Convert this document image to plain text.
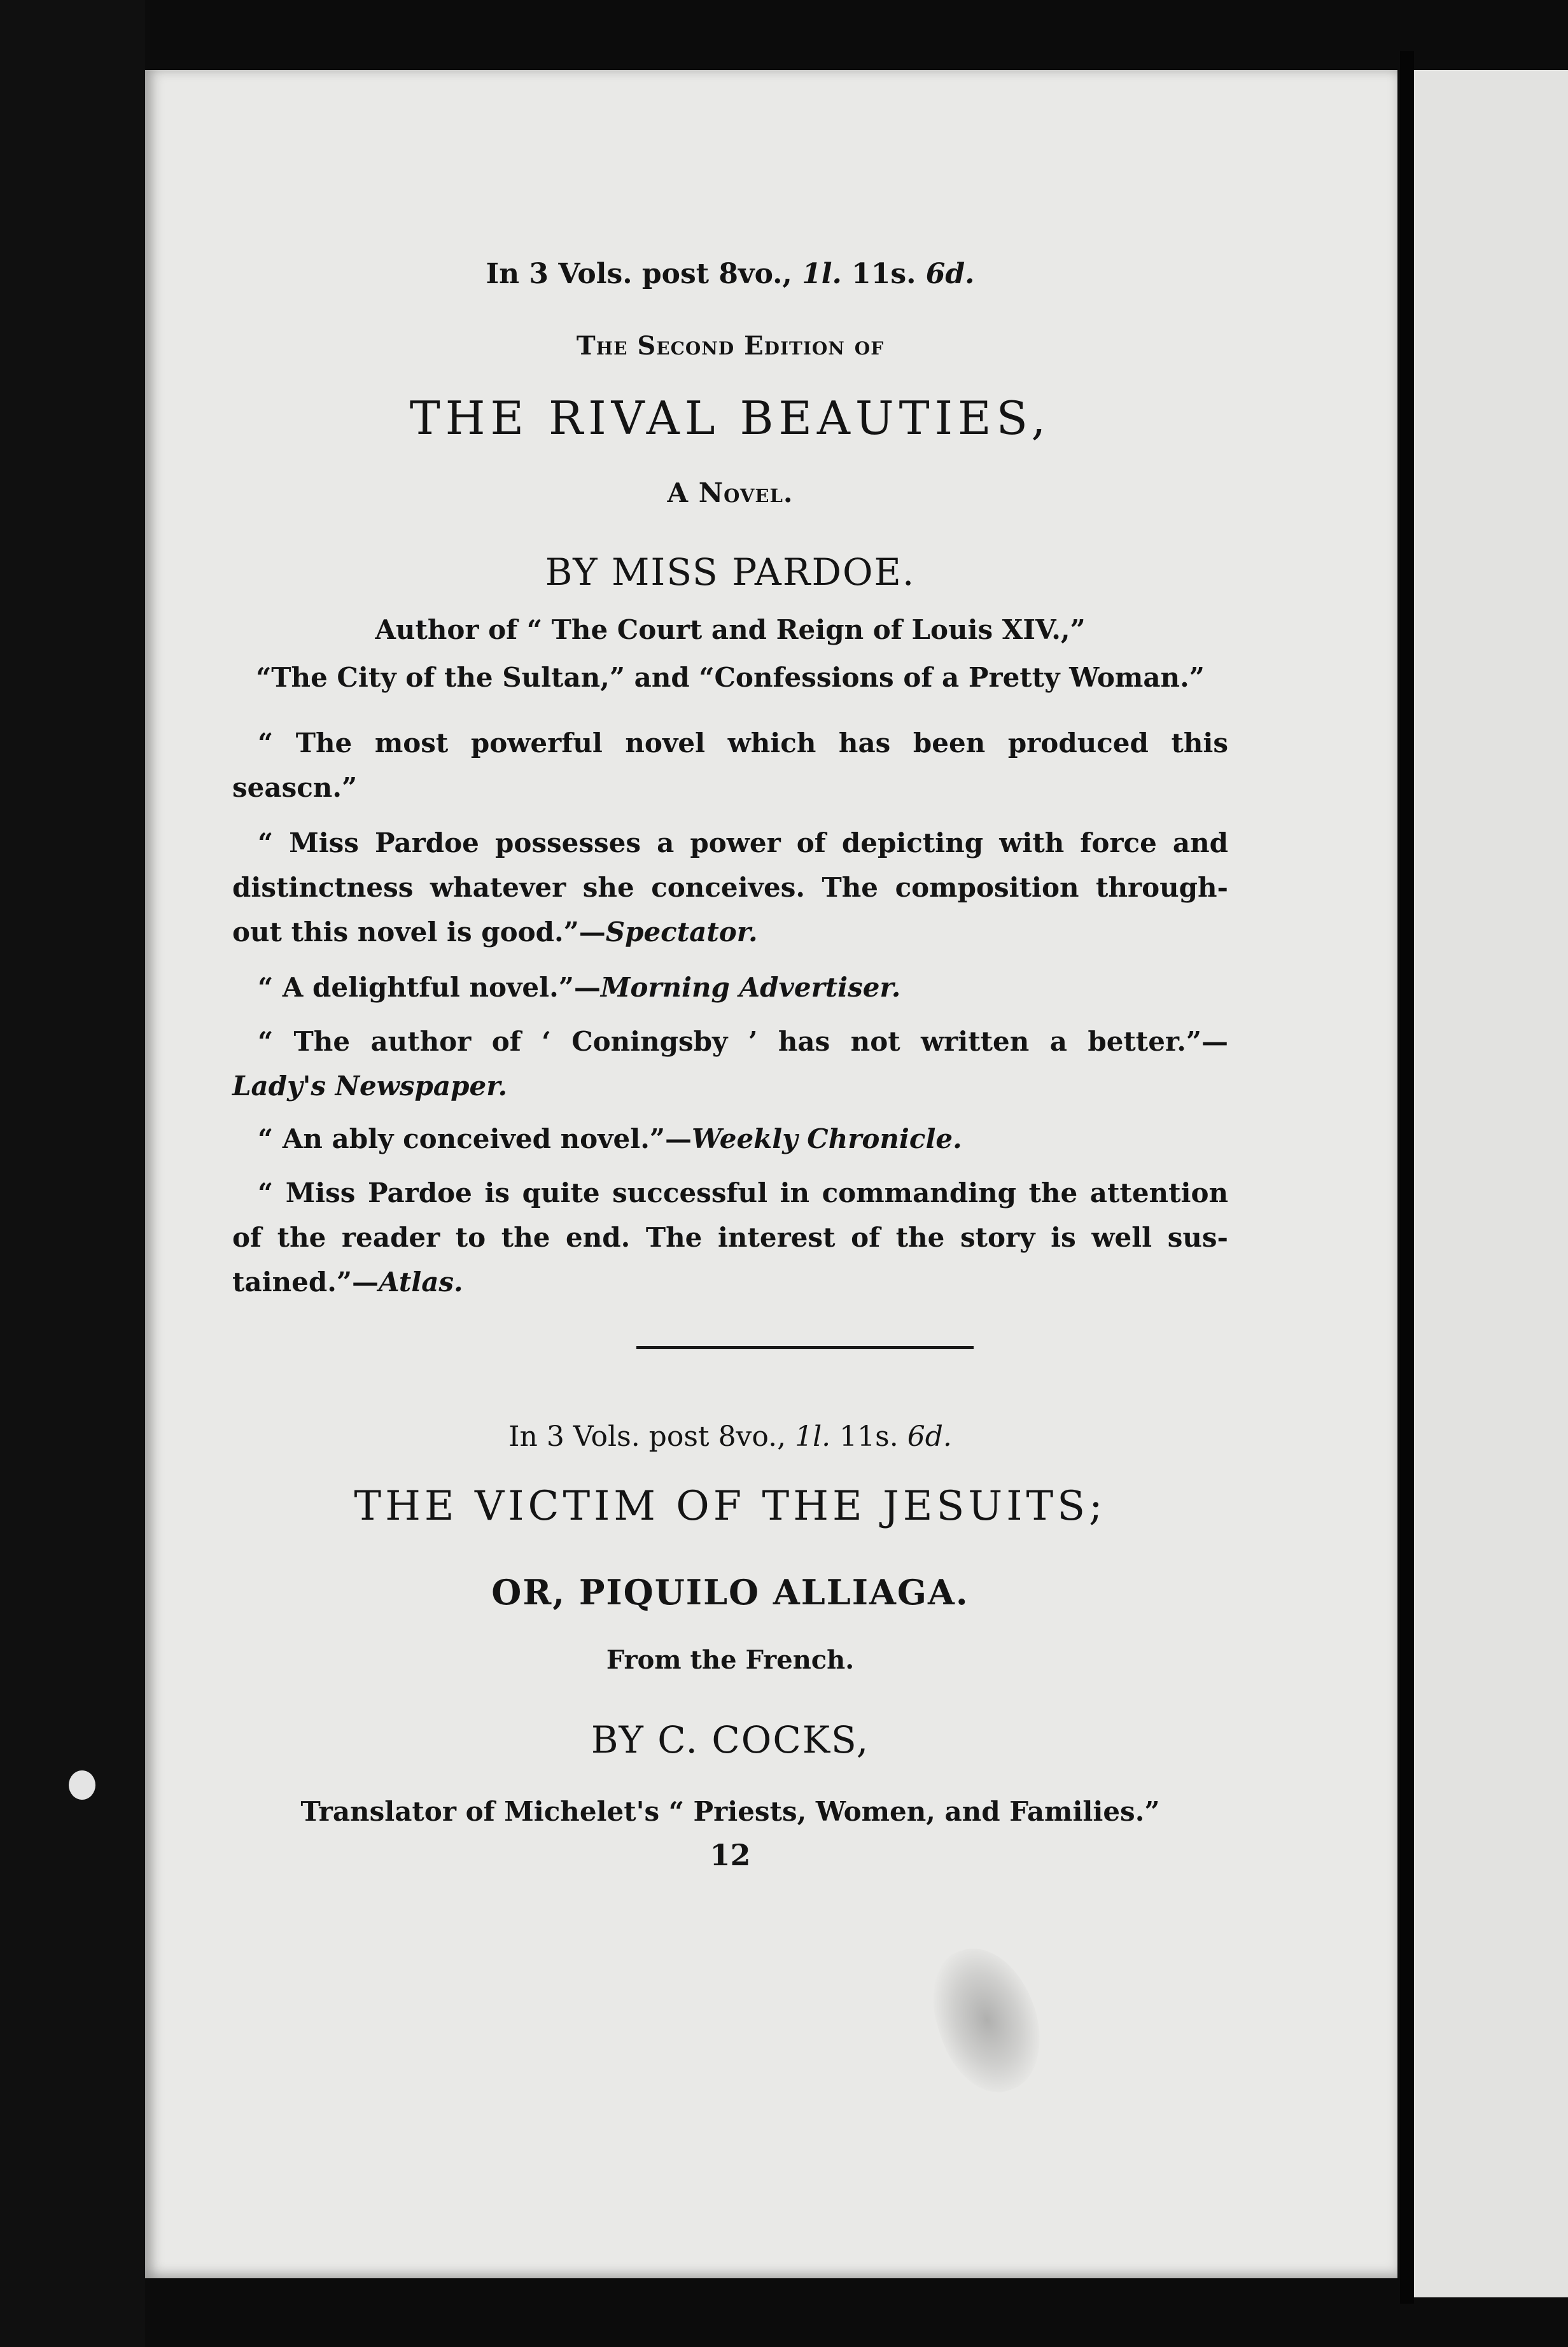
In 3 Vols. post 8vo., 1l. 11s. 6d.

The Second Edition of

THE RIVAL BEAUTIES,

A Novel.

BY MISS PARDOE.

Author of “ The Court and Reign of Louis XIV.,”

“The City of the Sultan,” and “Confessions of a Pretty Woman.”

“ The most powerful novel which has been produced this

seascn.”

“ Miss Pardoe possesses a power of depicting with force and

distinctness whatever she conceives. The composition through-

out this novel is good.”—Spectator.

“ A delightful novel.”—Morning Advertiser.

“ The author of ‘ Coningsby ’ has not written a better.”—

Lady's Newspaper.

“ An ably conceived novel.”—Weekly Chronicle.

“ Miss Pardoe is quite successful in commanding the attention

of the reader to the end. The interest of the story is well sus-

tained.”—Atlas.

In 3 Vols. post 8vo., 1l. 11s. 6d.

THE VICTIM OF THE JESUITS;

OR, PIQUILO ALLIAGA.

From the French.

BY C. COCKS,

Translator of Michelet's “ Priests, Women, and Families.”

12
